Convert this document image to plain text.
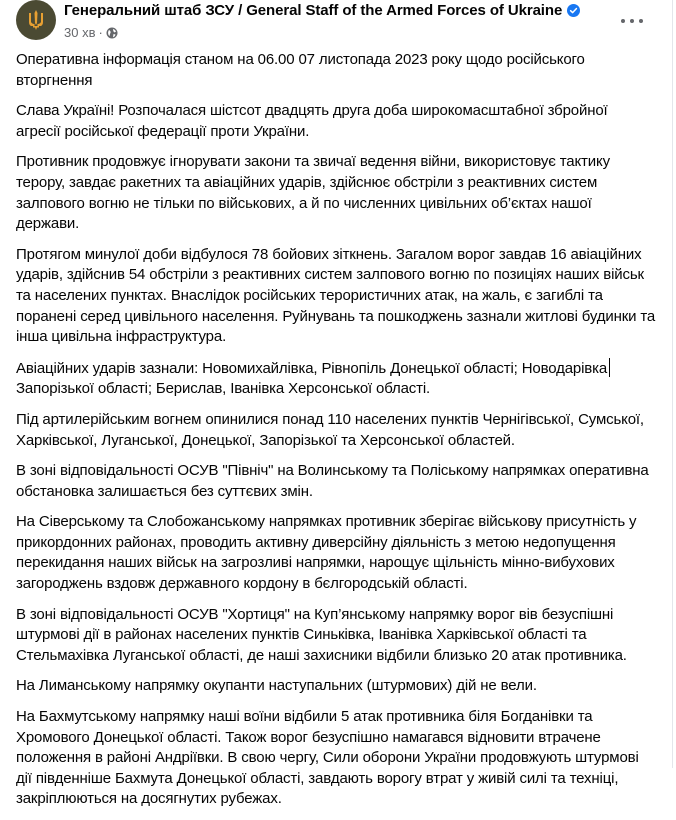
Генеральний штаб ЗСУ / General Staff of the Armed Forces of Ukraine
30 хв ·

Оперативна інформація станом на 06.00 07 листопада 2023 року щодо російського вторгнення

Слава Україні! Розпочалася шістсот двадцять друга доба широкомасштабної збройної агресії російської федерації проти України.

Противник продовжує ігнорувати закони та звичаї ведення війни, використовує тактику терору, завдає ракетних та авіаційних ударів, здійснює обстріли з реактивних систем залпового вогню не тільки по військових, а й по численних цивільних об’єктах нашої держави.

Протягом минулої доби відбулося 78 бойових зіткнень. Загалом ворог завдав 16 авіаційних ударів, здійснив 54 обстріли з реактивних систем залпового вогню по позиціях наших військ та населених пунктах. Внаслідок російських терористичних атак, на жаль, є загиблі та поранені серед цивільного населення. Руйнувань та пошкоджень зазнали житлові будинки та інша цивільна інфраструктура.

Авіаційних ударів зазнали: Новомихайлівка, Рівнопіль Донецької області; Новодарівка
Запорізької області; Берислав, Іванівка Херсонської області.

Під артилерійським вогнем опинилися понад 110 населених пунктів Чернігівської, Сумської, Харківської, Луганської, Донецької, Запорізької та Херсонської областей.

В зоні відповідальності ОСУВ "Північ" на Волинському та Поліському напрямках оперативна обстановка залишається без суттєвих змін.

На Сіверському та Слобожанському напрямках противник зберігає військову присутність у прикордонних районах, проводить активну диверсійну діяльність з метою недопущення перекидання наших військ на загрозливі напрямки, нарощує щільність мінно-вибухових загороджень вздовж державного кордону в бєлгородській області.

В зоні відповідальності ОСУВ "Хортиця" на Куп’янському напрямку ворог вів безуспішні штурмові дії в районах населених пунктів Синьківка, Іванівка Харківської області та Стельмахівка Луганської області, де наші захисники відбили близько 20 атак противника.

На Лиманському напрямку окупанти наступальних (штурмових) дій не вели.

На Бахмутському напрямку наші воїни відбили 5 атак противника біля Богданівки та Хромового Донецької області. Також ворог безуспішно намагався відновити втрачене положення в районі Андріївки. В свою чергу, Сили оборони України продовжують штурмові дії південніше Бахмута Донецької області, завдають ворогу втрат у живій силі та техніці, закріплюються на досягнутих рубежах.
